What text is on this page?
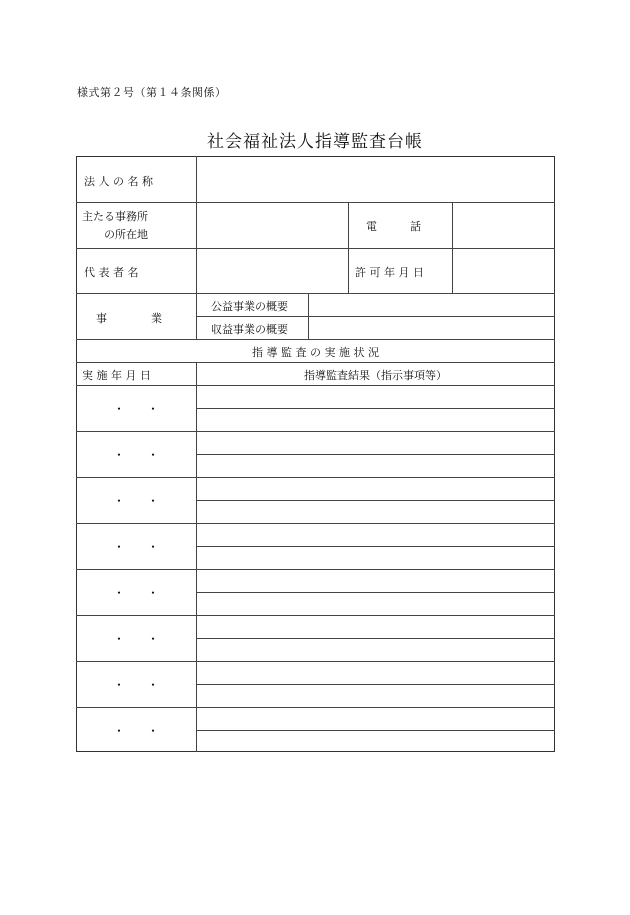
様式第２号（第１４条関係）
社会福祉法人指導監査台帳
法 人 の 名 称
主たる事務所
の所在地
電　　　話
代 表 者 名	許 可 年 月 日
事　　　　業
公益事業の概要
収益事業の概要
指 導 監 査 の 実 施 状 況
実 施 年 月 日	指導監査結果（指示事項等）
・ ・
・ ・
・ ・
・ ・
・ ・
・ ・
・ ・
・ ・
